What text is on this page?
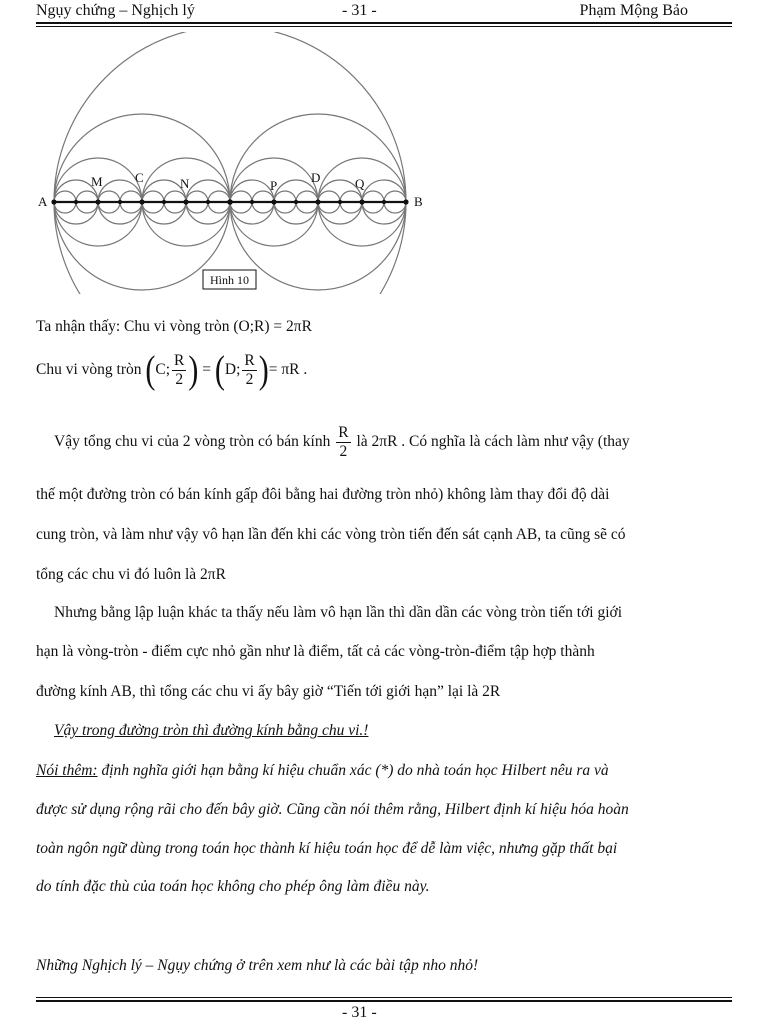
Ngụy chứng – Nghịch lý	- 31 -	Phạm Mộng Bảo
A	B
M C	N	P
D	Q
Hình 10
Ta nhận thấy: Chu vi vòng tròn (O;R) = 2πR
Chu vi vòng tròn (C; $\frac{R}{2}$ ) = (D; $\frac{R}{2}$ )= πR .
Vậy tổng chu vi của 2 vòng tròn có bán kính $\frac{R}{2}$ là 2πR . Có nghĩa là cách làm như vậy (thay
thế một đường tròn có bán kính gấp đôi bằng hai đường tròn nhỏ) không làm thay đổi độ dài
cung tròn, và làm như vậy vô hạn lần đến khi các vòng tròn tiến đến sát cạnh AB, ta cũng sẽ có
tổng các chu vi đó luôn là 2πR
Nhưng bằng lập luận khác ta thấy nếu làm vô hạn lần thì dần dần các vòng tròn tiến tới giới
hạn là vòng-tròn - điểm cực nhỏ gần như là điểm, tất cả các vòng-tròn-điểm tập hợp thành
đường kính AB, thì tổng các chu vi ấy bây giờ “Tiến tới giới hạn” lại là 2R
Vậy trong đường tròn thì đường kính bằng chu vi.!
Nói thêm: định nghĩa giới hạn bằng kí hiệu chuẩn xác (*) do nhà toán học Hilbert nêu ra và
được sử dụng rộng rãi cho đến bây giờ. Cũng cần nói thêm rằng, Hilbert định kí hiệu hóa hoàn
toàn ngôn ngữ dùng trong toán học thành kí hiệu toán học để dễ làm việc, nhưng gặp thất bại
do tính đặc thù của toán học không cho phép ông làm điều này.
Những Nghịch lý – Ngụy chứng ở trên xem như là các bài tập nho nhỏ!
- 31 -
